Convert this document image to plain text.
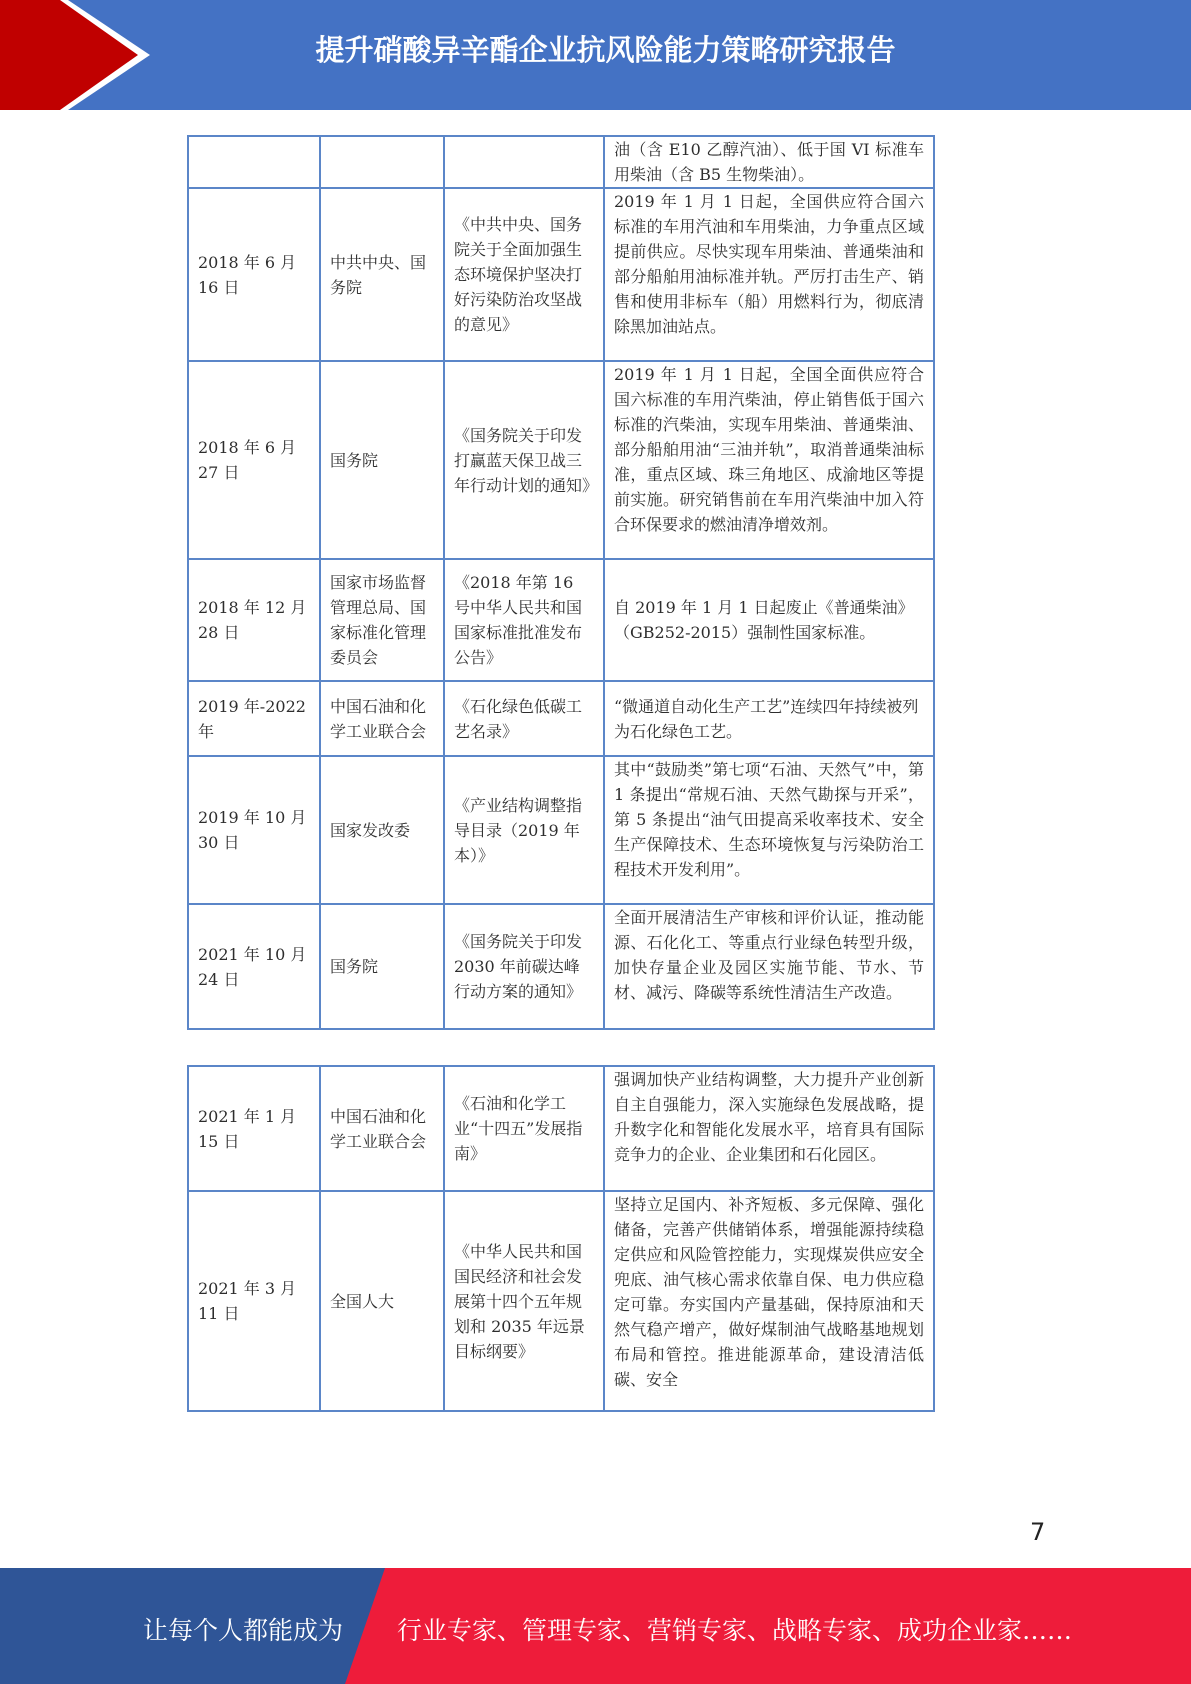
提升硝酸异辛酯企业抗风险能力策略研究报告
			油（含 E10 乙醇汽油）、低于国 VI 标准车用柴油（含 B5 生物柴油）。
2018 年 6 月 16 日	中共中央、国务院	《中共中央、国务院关于全面加强生态环境保护坚决打好污染防治攻坚战的意见》	2019 年 1 月 1 日起，全国供应符合国六标准的车用汽油和车用柴油，力争重点区域提前供应。尽快实现车用柴油、普通柴油和部分船舶用油标准并轨。严厉打击生产、销售和使用非标车（船）用燃料行为，彻底清除黑加油站点。
2018 年 6 月 27 日	国务院	《国务院关于印发打赢蓝天保卫战三年行动计划的通知》	2019 年 1 月 1 日起，全国全面供应符合国六标准的车用汽柴油，停止销售低于国六标准的汽柴油，实现车用柴油、普通柴油、部分船舶用油“三油并轨”，取消普通柴油标准，重点区域、珠三角地区、成渝地区等提前实施。研究销售前在车用汽柴油中加入符合环保要求的燃油清净增效剂。
2018 年 12 月 28 日	国家市场监督管理总局、国家标准化管理委员会	《2018 年第 16 号中华人民共和国国家标准批准发布公告》	自 2019 年 1 月 1 日起废止《普通柴油》（GB252-2015）强制性国家标准。
2019 年-2022 年	中国石油和化学工业联合会	《石化绿色低碳工艺名录》	“微通道自动化生产工艺”连续四年持续被列为石化绿色工艺。
2019 年 10 月 30 日	国家发改委	《产业结构调整指导目录（2019 年本）》	其中“鼓励类”第七项“石油、天然气”中，第 1 条提出“常规石油、天然气勘探与开采”，第 5 条提出“油气田提高采收率技术、安全生产保障技术、生态环境恢复与污染防治工程技术开发利用”。
2021 年 10 月 24 日	国务院	《国务院关于印发 2030 年前碳达峰行动方案的通知》	全面开展清洁生产审核和评价认证，推动能源、石化化工、等重点行业绿色转型升级，加快存量企业及园区实施节能、节水、节材、减污、降碳等系统性清洁生产改造。
2021 年 1 月 15 日	中国石油和化学工业联合会	《石油和化学工业“十四五”发展指南》	强调加快产业结构调整，大力提升产业创新自主自强能力，深入实施绿色发展战略，提升数字化和智能化发展水平，培育具有国际竞争力的企业、企业集团和石化园区。
2021 年 3 月 11 日	全国人大	《中华人民共和国国民经济和社会发展第十四个五年规划和 2035 年远景目标纲要》	坚持立足国内、补齐短板、多元保障、强化储备，完善产供储销体系，增强能源持续稳定供应和风险管控能力，实现煤炭供应安全兜底、油气核心需求依靠自保、电力供应稳定可靠。夯实国内产量基础，保持原油和天然气稳产增产，做好煤制油气战略基地规划布局和管控。推进能源革命，建设清洁低碳、安全
7
让每个人都能成为 行业专家、管理专家、营销专家、战略专家、成功企业家……
